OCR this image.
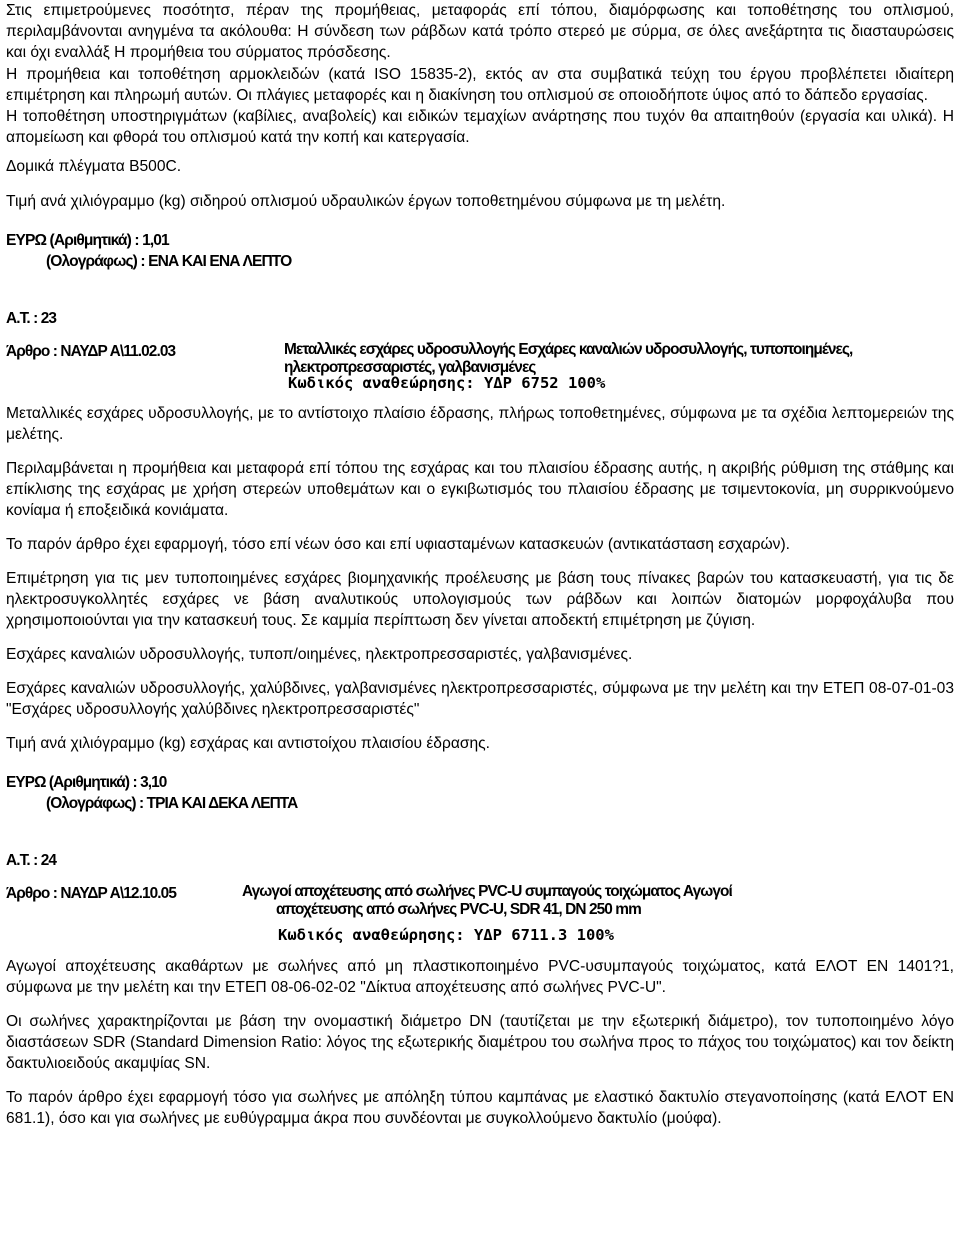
Στις επιμετρούμενες ποσότητσ, πέραν της προμήθειας, μεταφοράς επί τόπου, διαμόρφωσης και τοποθέτησης του οπλισμού, περιλαμβάνονται ανηγμένα τα ακόλουθα: Η σύνδεση των ράβδων κατά τρόπο στερεό με σύρμα, σε όλες ανεξάρτητα τις διασταυρώσεις και όχι εναλλάξ Η προμήθεια του σύρματος πρόσδεσης.

Η προμήθεια και τοποθέτηση αρμοκλειδών (κατά ISO 15835-2), εκτός αν στα συμβατικά τεύχη του έργου προβλέπετει ιδιαίτερη επιμέτρηση και πληρωμή αυτών. Οι πλάγιες μεταφορές και η διακίνηση του οπλισμού σε οποιοδήποτε ύψος από το δάπεδο εργασίας.

Η τοποθέτηση υποστηριγμάτων (καβίλιες, αναβολείς) και ειδικών τεμαχίων ανάρτησης που τυχόν θα απαιτηθούν (εργασία και υλικά). Η απομείωση και φθορά του οπλισμού κατά την κοπή και κατεργασία.

Δομικά πλέγματα Β500C.

Τιμή ανά χιλιόγραμμο (kg) σιδηρού οπλισμού υδραυλικών έργων τοποθετημένου σύμφωνα με τη μελέτη.

ΕΥΡΩ (Αριθμητικά) : 1,01

(Ολογράφως) : ΕΝΑ ΚΑΙ ΕΝΑ ΛΕΠΤΟ

Α.Τ. : 23

Άρθρο : ΝΑΥΔΡ Α\11.02.03	Μεταλλικές εσχάρες υδροσυλλογής Εσχάρες καναλιών υδροσυλλογής, τυποποιημένες,
ηλεκτροπρεσσαριστές, γαλβανισμένες
Κωδικός αναθεώρησης: ΥΔΡ 6752 100%

Μεταλλικές εσχάρες υδροσυλλογής, με το αντίστοιχο πλαίσιο έδρασης, πλήρως τοποθετημένες, σύμφωνα με τα σχέδια λεπτομερειών της μελέτης.

Περιλαμβάνεται η προμήθεια και μεταφορά επί τόπου της εσχάρας και του πλαισίου έδρασης αυτής, η ακριβής ρύθμιση της στάθμης και επίκλισης της εσχάρας με χρήση στερεών υποθεμάτων και ο εγκιβωτισμός του πλαισίου έδρασης με τσιμεντοκονία, μη συρρικνούμενο κονίαμα ή εποξειδικά κονιάματα.

Το παρόν άρθρο έχει εφαρμογή, τόσο επί νέων όσο και επί υφιασταμένων κατασκευών (αντικατάσταση εσχαρών).

Επιμέτρηση για τις μεν τυποποιημένες εσχάρες βιομηχανικής προέλευσης με βάση τους πίνακες βαρών του κατασκευαστή, για τις δε ηλεκτροσυγκολλητές εσχάρες νε βάση αναλυτικούς υπολογισμούς των ράβδων και λοιπών διατομών μορφοχάλυβα που χρησιμοποιούνται για την κατασκευή τους. Σε καμμία περίπτωση δεν γίνεται αποδεκτή επιμέτρηση με ζύγιση.

Εσχάρες καναλιών υδροσυλλογής, τυποπ/οιημένες, ηλεκτροπρεσσαριστές, γαλβανισμένες.

Εσχάρες καναλιών υδροσυλλογής, χαλύβδινες, γαλβανισμένες ηλεκτροπρεσσαριστές, σύμφωνα με την μελέτη και την ΕΤΕΠ 08-07-01-03 "Εσχάρες υδροσυλλογής χαλύβδινες ηλεκτροπρεσσαριστές"

Τιμή ανά χιλιόγραμμο (kg) εσχάρας και αντιστοίχου πλαισίου έδρασης.

ΕΥΡΩ (Αριθμητικά) : 3,10

(Ολογράφως) : ΤΡΙΑ ΚΑΙ ΔΕΚΑ ΛΕΠΤΑ

Α.Τ. : 24

Άρθρο : ΝΑΥΔΡ Α\12.10.05	Αγωγοί αποχέτευσης από σωλήνες PVC-U συμπαγούς τοιχώματος Αγωγοί
αποχέτευσης από σωλήνες PVC-U, SDR 41, DN 250 mm
Κωδικός αναθεώρησης: ΥΔΡ 6711.3 100%

Αγωγοί αποχέτευσης ακαθάρτων με σωλήνες από μη πλαστικοποιημένο PVC-υσυμπαγούς τοιχώματος, κατά ΕΛΟΤ ΕΝ 1401?1, σύμφωνα με την μελέτη και την ΕΤΕΠ 08-06-02-02 "Δίκτυα αποχέτευσης από σωλήνες PVC-U".

Οι σωλήνες χαρακτηρίζονται με βάση την ονομαστική διάμετρο DN (ταυτίζεται με την εξωτερική διάμετρο), τον τυποποιημένο λόγο διαστάσεων SDR (Standard Dimension Ratio: λόγος της εξωτερικής διαμέτρου του σωλήνα προς το πάχος του τοιχώματος) και τον δείκτη δακτυλιοειδούς ακαμψίας SN.

Το παρόν άρθρο έχει εφαρμογή τόσο για σωλήνες με απόληξη τύπου καμπάνας με ελαστικό δακτυλίο στεγανοποίησης (κατά ΕΛΟΤ ΕΝ 681.1), όσο και για σωλήνες με ευθύγραμμα άκρα που συνδέονται με συγκολλούμενο δακτυλίο (μούφα).
